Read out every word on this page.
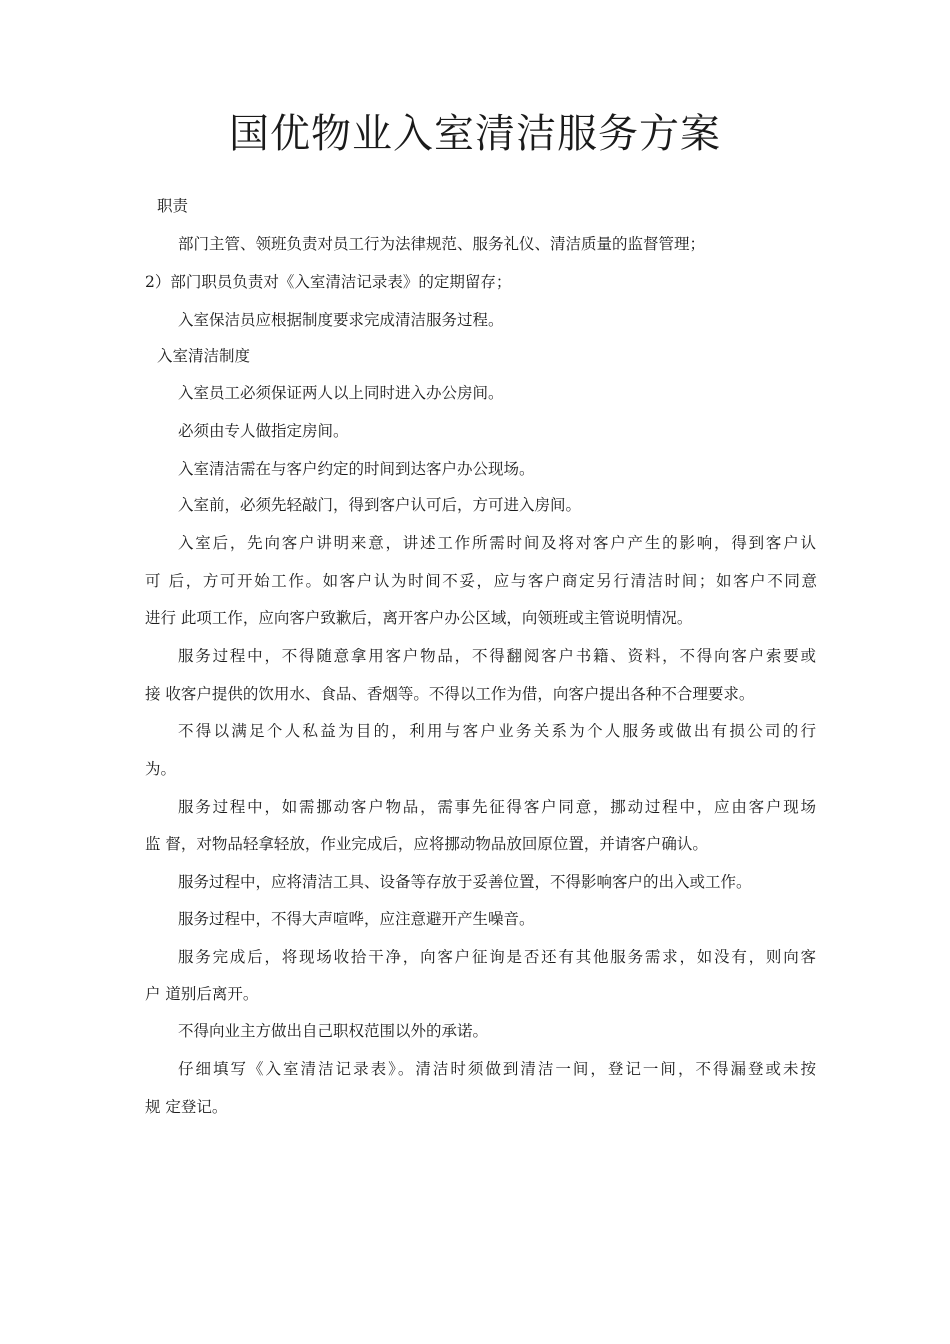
国优物业入室清洁服务方案

职责

部门主管、领班负责对员工行为法律规范、服务礼仪、清洁质量的监督管理；

2）部门职员负责对《入室清洁记录表》的定期留存；

入室保洁员应根据制度要求完成清洁服务过程。

入室清洁制度

入室员工必须保证两人以上同时进入办公房间。

必须由专人做指定房间。

入室清洁需在与客户约定的时间到达客户办公现场。

入室前，必须先轻敲门，得到客户认可后，方可进入房间。

入室后，先向客户讲明来意，讲述工作所需时间及将对客户产生的影响，得到客户认

可 后，方可开始工作。如客户认为时间不妥，应与客户商定另行清洁时间；如客户不同意

进行 此项工作，应向客户致歉后，离开客户办公区域，向领班或主管说明情况。

服务过程中，不得随意拿用客户物品，不得翻阅客户书籍、资料，不得向客户索要或

接 收客户提供的饮用水、食品、香烟等。不得以工作为借，向客户提出各种不合理要求。

不得以满足个人私益为目的，利用与客户业务关系为个人服务或做出有损公司的行

为。

服务过程中，如需挪动客户物品，需事先征得客户同意，挪动过程中，应由客户现场

监 督，对物品轻拿轻放，作业完成后，应将挪动物品放回原位置，并请客户确认。

服务过程中，应将清洁工具、设备等存放于妥善位置，不得影响客户的出入或工作。

服务过程中，不得大声喧哗，应注意避开产生噪音。

服务完成后，将现场收拾干净，向客户征询是否还有其他服务需求，如没有，则向客

户 道别后离开。

不得向业主方做出自己职权范围以外的承诺。

仔细填写《入室清洁记录表》。清洁时须做到清洁一间，登记一间，不得漏登或未按

规 定登记。
